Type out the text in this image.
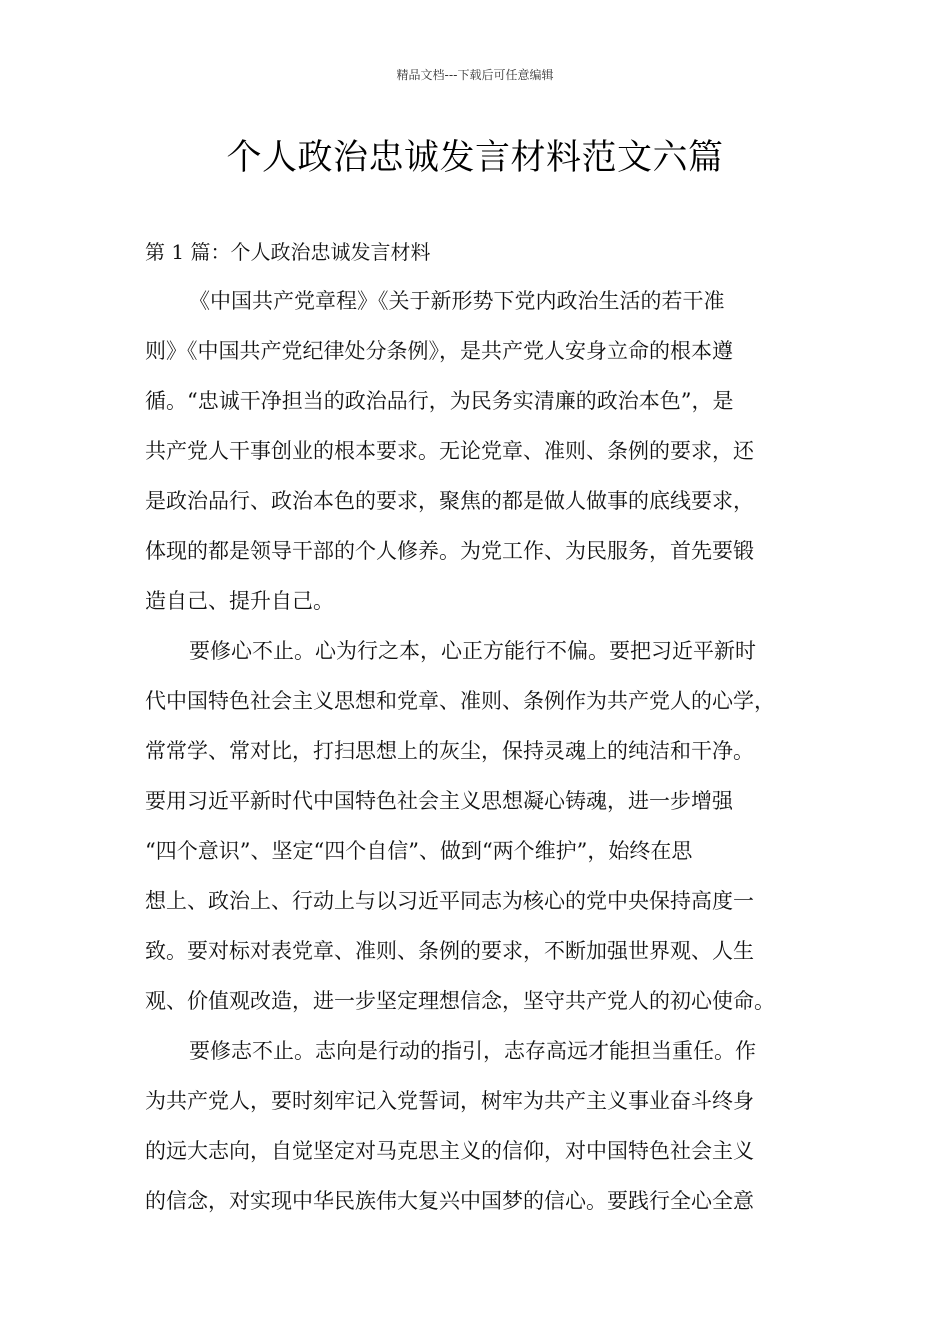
精品文档---下载后可任意编辑
个人政治忠诚发言材料范文六篇
第 1 篇：个人政治忠诚发言材料
《中国共产党章程》《关于新形势下党内政治生活的若干准
则》《中国共产党纪律处分条例》，是共产党人安身立命的根本遵
循。“忠诚干净担当的政治品行，为民务实清廉的政治本色”，是
共产党人干事创业的根本要求。无论党章、准则、条例的要求，还
是政治品行、政治本色的要求，聚焦的都是做人做事的底线要求，
体现的都是领导干部的个人修养。为党工作、为民服务，首先要锻
造自己、提升自己。
要修心不止。心为行之本，心正方能行不偏。要把习近平新时
代中国特色社会主义思想和党章、准则、条例作为共产党人的心学，
常常学、常对比，打扫思想上的灰尘，保持灵魂上的纯洁和干净。
要用习近平新时代中国特色社会主义思想凝心铸魂，进一步增强
“四个意识”、坚定“四个自信”、做到“两个维护”，始终在思
想上、政治上、行动上与以习近平同志为核心的党中央保持高度一
致。要对标对表党章、准则、条例的要求，不断加强世界观、人生
观、价值观改造，进一步坚定理想信念，坚守共产党人的初心使命。
要修志不止。志向是行动的指引，志存高远才能担当重任。作
为共产党人，要时刻牢记入党誓词，树牢为共产主义事业奋斗终身
的远大志向，自觉坚定对马克思主义的信仰，对中国特色社会主义
的信念，对实现中华民族伟大复兴中国梦的信心。要践行全心全意
